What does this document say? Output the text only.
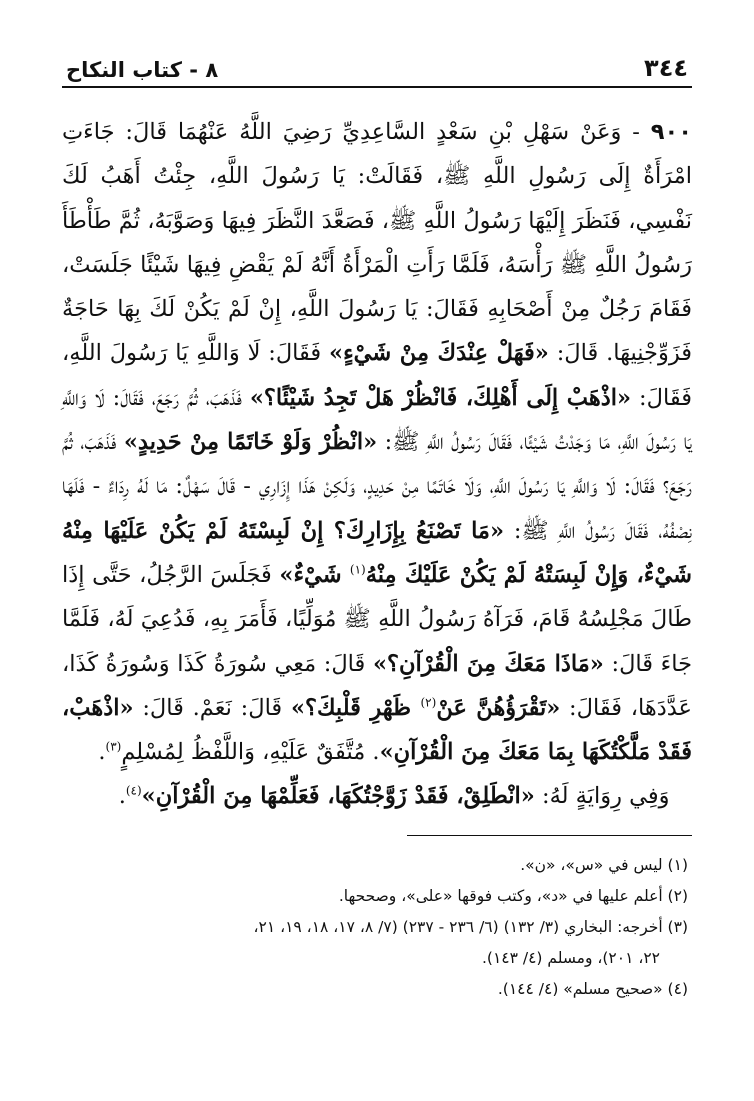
٣٤٤
٨ - كتاب النكاح

٩٠٠ - وَعَنْ سَهْلِ بْنِ سَعْدٍ السَّاعِدِيِّ رَضِيَ اللَّهُ عَنْهُمَا قَالَ: جَاءَتِ امْرَأَةٌ إِلَى رَسُولِ اللَّهِ ﷺ، فَقَالَتْ: يَا رَسُولَ اللَّهِ، جِئْتُ أَهَبُ لَكَ نَفْسِي، فَنَظَرَ إِلَيْهَا رَسُولُ اللَّهِ ﷺ، فَصَعَّدَ النَّظَرَ فِيهَا وَصَوَّبَهُ، ثُمَّ طَأْطَأَ رَسُولُ اللَّهِ ﷺ رَأْسَهُ، فَلَمَّا رَأَتِ الْمَرْأَةُ أَنَّهُ لَمْ يَقْضِ فِيهَا شَيْئًا جَلَسَتْ، فَقَامَ رَجُلٌ مِنْ أَصْحَابِهِ فَقَالَ: يَا رَسُولَ اللَّهِ، إِنْ لَمْ يَكُنْ لَكَ بِهَا حَاجَةٌ فَزَوِّجْنِيهَا. قَالَ: «فَهَلْ عِنْدَكَ مِنْ شَيْءٍ» فَقَالَ: لَا وَاللَّهِ يَا رَسُولَ اللَّهِ، فَقَالَ: «اذْهَبْ إِلَى أَهْلِكَ، فَانْظُرْ هَلْ تَجِدُ شَيْئًا؟» فَذَهَبَ، ثُمَّ رَجَعَ، فَقَالَ: لَا وَاللَّهِ يَا رَسُولَ اللَّهِ، مَا وَجَدْتُ شَيْئًا، فَقَالَ رَسُولُ اللَّهِ ﷺ: «انْظُرْ وَلَوْ خَاتَمًا مِنْ حَدِيدٍ» فَذَهَبَ، ثُمَّ رَجَعَ؟ فَقَالَ: لَا وَاللَّهِ يَا رَسُولَ اللَّهِ، وَلَا خَاتَمًا مِنْ حَدِيدٍ، وَلَكِنْ هَذَا إِزَارِي - قَالَ سَهْلٌ: مَا لَهُ رِدَاءٌ - فَلَهَا نِصْفُهُ، فَقَالَ رَسُولُ اللَّهِ ﷺ: «مَا تَصْنَعُ بِإِزَارِكَ؟ إِنْ لَبِسْتَهُ لَمْ يَكُنْ عَلَيْهَا مِنْهُ شَيْءٌ، وَإِنْ لَبِسَتْهُ لَمْ يَكُنْ عَلَيْكَ مِنْهُ$^{(١)}$ شَيْءٌ» فَجَلَسَ الرَّجُلُ، حَتَّى إِذَا طَالَ مَجْلِسُهُ قَامَ، فَرَآهُ رَسُولُ اللَّهِ ﷺ مُوَلِّيًا، فَأَمَرَ بِهِ، فَدُعِيَ لَهُ، فَلَمَّا جَاءَ قَالَ: «مَاذَا مَعَكَ مِنَ الْقُرْآنِ؟» قَالَ: مَعِي سُورَةُ كَذَا وَسُورَةُ كَذَا، عَدَّدَهَا، فَقَالَ: «تَقْرَؤُهُنَّ عَنْ$^{(٢)}$ ظَهْرِ قَلْبِكَ؟» قَالَ: نَعَمْ. قَالَ: «اذْهَبْ، فَقَدْ مَلَّكْتُكَهَا بِمَا مَعَكَ مِنَ الْقُرْآنِ». مُتَّفَقٌ عَلَيْهِ، وَاللَّفْظُ لِمُسْلِمٍ$^{(٣)}$.

 وَفِي رِوَايَةٍ لَهُ: «انْطَلِقْ، فَقَدْ زَوَّجْتُكَهَا، فَعَلِّمْهَا مِنَ الْقُرْآنِ»$^{(٤)}$.

(١) ليس في «س»، «ن».

(٢) أعلم عليها في «د»، وكتب فوقها «على»، وصححها.

(٣) أخرجه: البخاري (٣/ ١٣٢) (٦/ ٢٣٦ - ٢٣٧) (٧/ ٨، ١٧، ١٨، ١٩، ٢١،

٢٢، ٢٠١)، ومسلم (٤/ ١٤٣).

(٤) «صحيح مسلم» (٤/ ١٤٤).
